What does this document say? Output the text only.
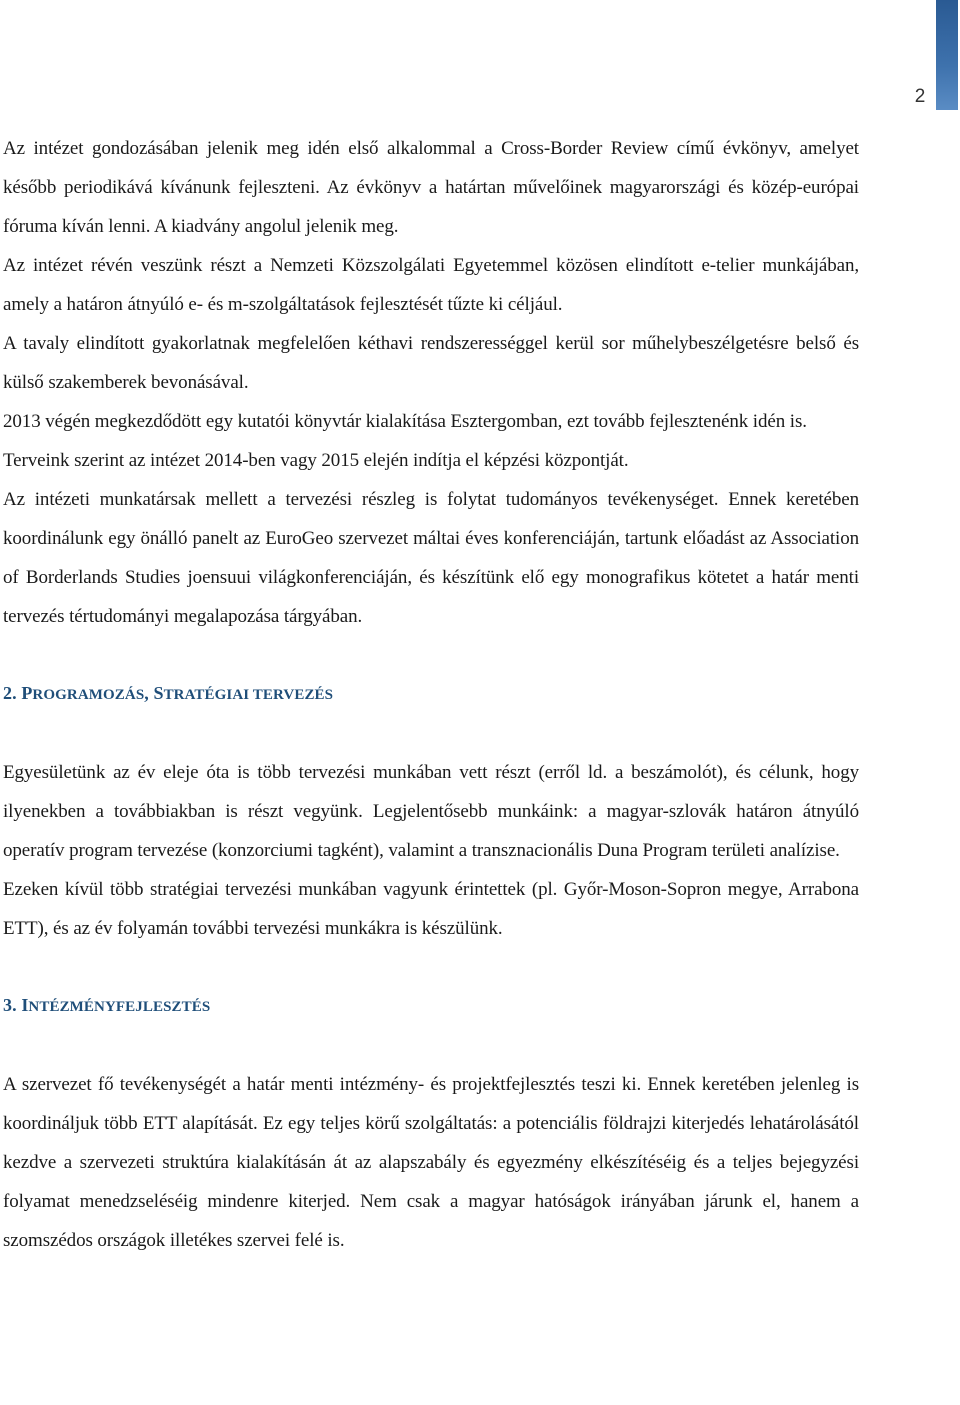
2

Az intézet gondozásában jelenik meg idén első alkalommal a Cross-Border Review című évkönyv, amelyet később periodikává kívánunk fejleszteni. Az évkönyv a határtan művelőinek magyarországi és közép-európai fóruma kíván lenni. A kiadvány angolul jelenik meg.

Az intézet révén veszünk részt a Nemzeti Közszolgálati Egyetemmel közösen elindított e-telier munkájában, amely a határon átnyúló e- és m-szolgáltatások fejlesztését tűzte ki céljául.

A tavaly elindított gyakorlatnak megfelelően kéthavi rendszerességgel kerül sor műhelybeszélgetésre belső és külső szakemberek bevonásával.

2013 végén megkezdődött egy kutatói könyvtár kialakítása Esztergomban, ezt tovább fejlesztenénk idén is.

Terveink szerint az intézet 2014-ben vagy 2015 elején indítja el képzési központját.

Az intézeti munkatársak mellett a tervezési részleg is folytat tudományos tevékenységet. Ennek keretében koordinálunk egy önálló panelt az EuroGeo szervezet máltai éves konferenciáján, tartunk előadást az Association of Borderlands Studies joensuui világkonferenciáján, és készítünk elő egy monografikus kötetet a határ menti tervezés tértudományi megalapozása tárgyában.

2. PROGRAMOZÁS, STRATÉGIAI TERVEZÉS

Egyesületünk az év eleje óta is több tervezési munkában vett részt (erről ld. a beszámolót), és célunk, hogy ilyenekben a továbbiakban is részt vegyünk. Legjelentősebb munkáink: a magyar-szlovák határon átnyúló operatív program tervezése (konzorciumi tagként), valamint a transznacionális Duna Program területi analízise.

Ezeken kívül több stratégiai tervezési munkában vagyunk érintettek (pl. Győr-Moson-Sopron megye, Arrabona ETT), és az év folyamán további tervezési munkákra is készülünk.

3. INTÉZMÉNYFEJLESZTÉS

A szervezet fő tevékenységét a határ menti intézmény- és projektfejlesztés teszi ki. Ennek keretében jelenleg is koordináljuk több ETT alapítását. Ez egy teljes körű szolgáltatás: a potenciális földrajzi kiterjedés lehatárolásától kezdve a szervezeti struktúra kialakításán át az alapszabály és egyezmény elkészítéséig és a teljes bejegyzési folyamat menedzseléséig mindenre kiterjed. Nem csak a magyar hatóságok irányában járunk el, hanem a szomszédos országok illetékes szervei felé is.
